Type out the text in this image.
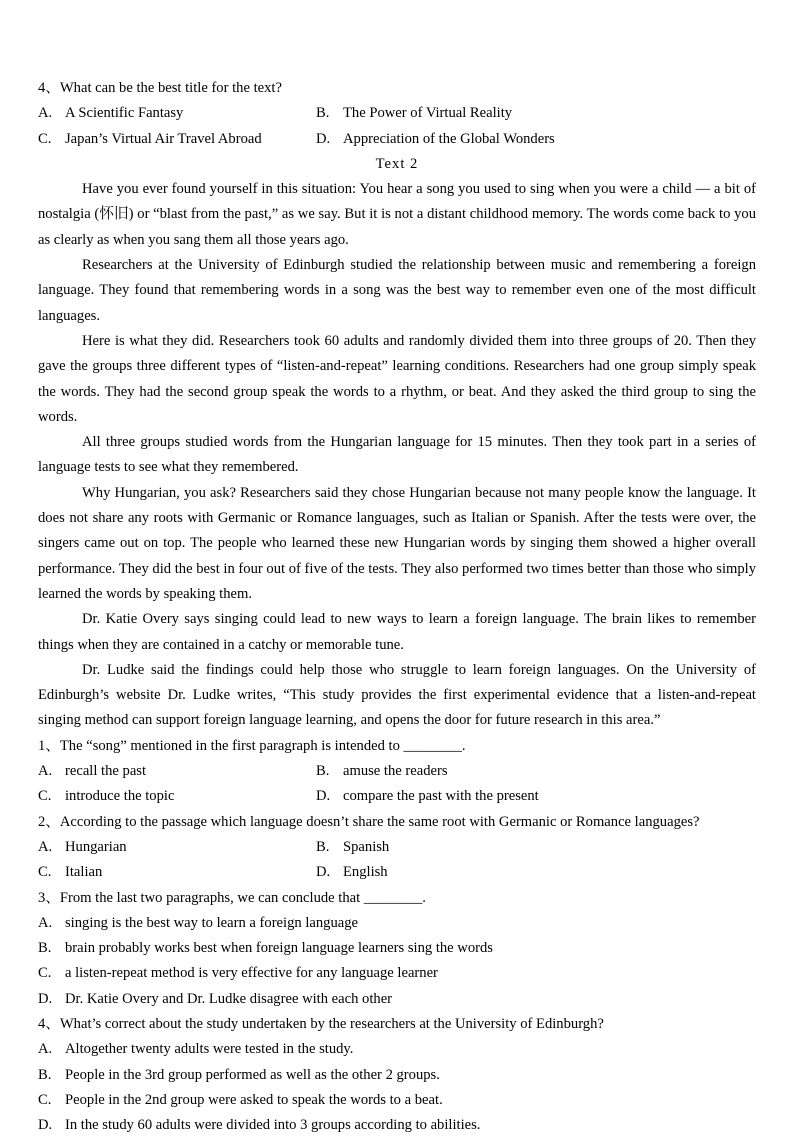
4、What can be the best title for the text?
A. A Scientific Fantasy	B. The Power of Virtual Reality
C. Japan’s Virtual Air Travel Abroad	D. Appreciation of the Global Wonders
Text 2

Have you ever found yourself in this situation: You hear a song you used to sing when you were a child — a bit of nostalgia (怀旧) or “blast from the past,” as we say. But it is not a distant childhood memory. The words come back to you as clearly as when you sang them all those years ago.

Researchers at the University of Edinburgh studied the relationship between music and remembering a foreign language. They found that remembering words in a song was the best way to remember even one of the most difficult languages.

Here is what they did. Researchers took 60 adults and randomly divided them into three groups of 20. Then they gave the groups three different types of “listen-and-repeat” learning conditions. Researchers had one group simply speak the words. They had the second group speak the words to a rhythm, or beat. And they asked the third group to sing the words.

All three groups studied words from the Hungarian language for 15 minutes. Then they took part in a series of language tests to see what they remembered.

Why Hungarian, you ask? Researchers said they chose Hungarian because not many people know the language. It does not share any roots with Germanic or Romance languages, such as Italian or Spanish. After the tests were over, the singers came out on top. The people who learned these new Hungarian words by singing them showed a higher overall performance. They did the best in four out of five of the tests. They also performed two times better than those who simply learned the words by speaking them.

Dr. Katie Overy says singing could lead to new ways to learn a foreign language. The brain likes to remember things when they are contained in a catchy or memorable tune.

Dr. Ludke said the findings could help those who struggle to learn foreign languages. On the University of Edinburgh’s website Dr. Ludke writes, “This study provides the first experimental evidence that a listen-and-repeat singing method can support foreign language learning, and opens the door for future research in this area.”

1、The “song” mentioned in the first paragraph is intended to ________.
A. recall the past	B. amuse the readers
C. introduce the topic	D. compare the past with the present
2、According to the passage which language doesn’t share the same root with Germanic or Romance languages?
A. Hungarian	B. Spanish
C. Italian	D. English
3、From the last two paragraphs, we can conclude that ________.
A. singing is the best way to learn a foreign language
B. brain probably works best when foreign language learners sing the words
C. a listen-repeat method is very effective for any language learner
D. Dr. Katie Overy and Dr. Ludke disagree with each other
4、What’s correct about the study undertaken by the researchers at the University of Edinburgh?
A. Altogether twenty adults were tested in the study.
B. People in the 3rd group performed as well as the other 2 groups.
C. People in the 2nd group were asked to speak the words to a beat.
D. In the study 60 adults were divided into 3 groups according to abilities.
